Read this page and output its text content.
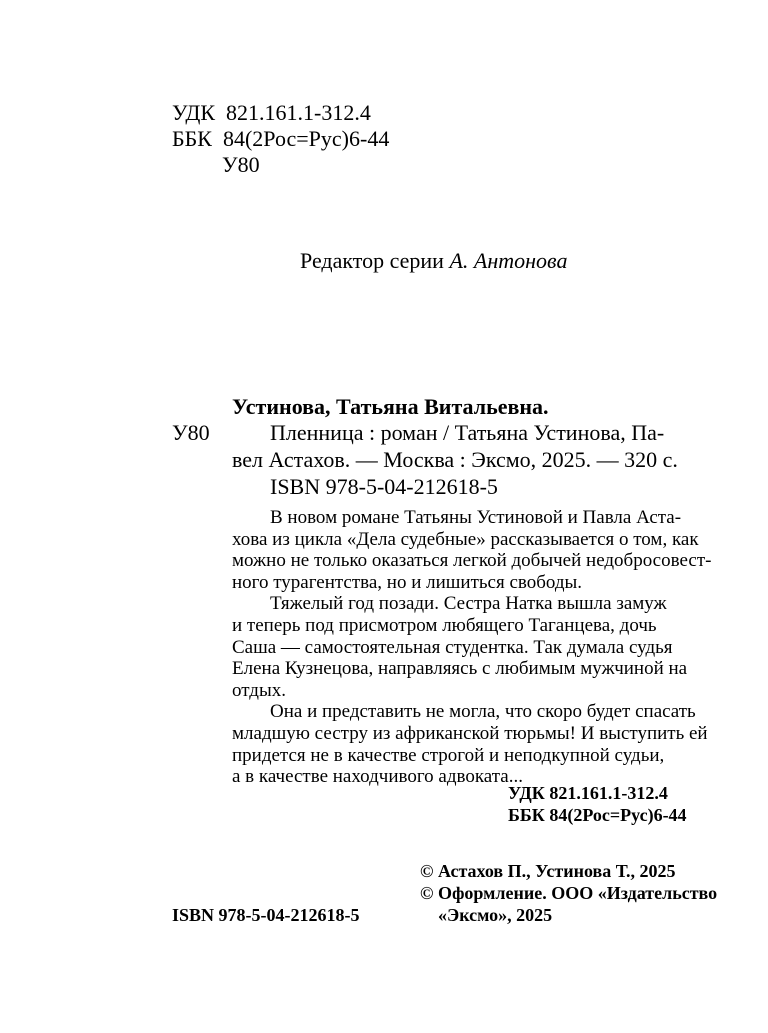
УДК 821.161.1-312.4
ББК 84(2Рос=Рус)6-44
У80
Редактор серии А. Антонова
Устинова, Татьяна Витальевна.
У80	Пленница : роман / Татьяна Устинова, Па-
вел Астахов. — Москва : Эксмо, 2025. — 320 с.
ISBN 978-5-04-212618-5
В новом романе Татьяны Устиновой и Павла Аста-
хова из цикла «Дела судебные» рассказывается о том, как
можно не только оказаться легкой добычей недобросовест-
ного турагентства, но и лишиться свободы.
Тяжелый год позади. Сестра Натка вышла замуж
и теперь под присмотром любящего Таганцева, дочь
Саша — самостоятельная студентка. Так думала судья
Елена Кузнецова, направляясь с любимым мужчиной на
отдых.
Она и представить не могла, что скоро будет спасать
младшую сестру из африканской тюрьмы! И выступить ей
придется не в качестве строгой и неподкупной судьи,
а в качестве находчивого адвоката...
УДК 821.161.1-312.4
ББК 84(2Рос=Рус)6-44
© Астахов П., Устинова Т., 2025
© Оформление. ООО «Издательство
«Эксмо», 2025
ISBN 978-5-04-212618-5
